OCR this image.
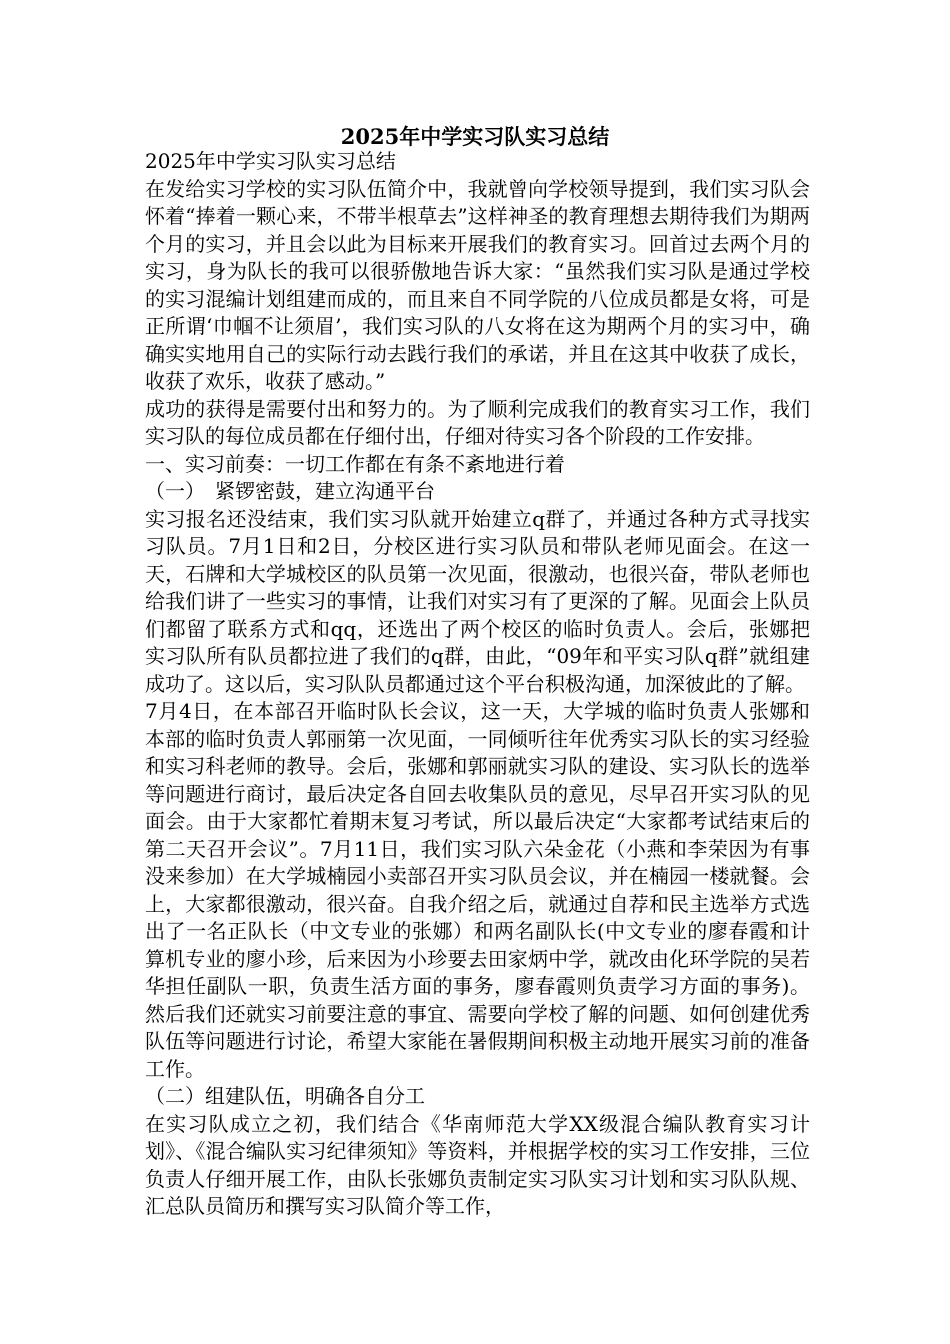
2025年中学实习队实习总结

2025年中学实习队实习总结

在发给实习学校的实习队伍简介中，我就曾向学校领导提到，我们实习队会怀着“捧着一颗心来，不带半根草去”这样神圣的教育理想去期待我们为期两个月的实习，并且会以此为目标来开展我们的教育实习。回首过去两个月的实习，身为队长的我可以很骄傲地告诉大家：“虽然我们实习队是通过学校的实习混编计划组建而成的，而且来自不同学院的八位成员都是女将，可是正所谓‘巾帼不让须眉’，我们实习队的八女将在这为期两个月的实习中，确确实实地用自己的实际行动去践行我们的承诺，并且在这其中收获了成长，收获了欢乐，收获了感动。”

成功的获得是需要付出和努力的。为了顺利完成我们的教育实习工作，我们实习队的每位成员都在仔细付出，仔细对待实习各个阶段的工作安排。

一、实习前奏：一切工作都在有条不紊地进行着

（一）　紧锣密鼓，建立沟通平台

实习报名还没结束，我们实习队就开始建立q群了，并通过各种方式寻找实习队员。7月1日和2日，分校区进行实习队员和带队老师见面会。在这一天，石牌和大学城校区的队员第一次见面，很激动，也很兴奋，带队老师也给我们讲了一些实习的事情，让我们对实习有了更深的了解。见面会上队员们都留了联系方式和qq，还选出了两个校区的临时负责人。会后，张娜把实习队所有队员都拉进了我们的q群，由此，“09年和平实习队q群”就组建成功了。这以后，实习队队员都通过这个平台积极沟通，加深彼此的了解。

7月4日，在本部召开临时队长会议，这一天，大学城的临时负责人张娜和本部的临时负责人郭丽第一次见面，一同倾听往年优秀实习队长的实习经验和实习科老师的教导。会后，张娜和郭丽就实习队的建设、实习队长的选举等问题进行商讨，最后决定各自回去收集队员的意见，尽早召开实习队的见面会。由于大家都忙着期末复习考试，所以最后决定“大家都考试结束后的第二天召开会议”。7月11日，我们实习队六朵金花（小燕和李荣因为有事没来参加）在大学城楠园小卖部召开实习队员会议，并在楠园一楼就餐。会上，大家都很激动，很兴奋。自我介绍之后，就通过自荐和民主选举方式选出了一名正队长（中文专业的张娜）和两名副队长(中文专业的廖春霞和计算机专业的廖小珍，后来因为小珍要去田家炳中学，就改由化环学院的吴若华担任副队一职，负责生活方面的事务，廖春霞则负责学习方面的事务)。然后我们还就实习前要注意的事宜、需要向学校了解的问题、如何创建优秀队伍等问题进行讨论，希望大家能在暑假期间积极主动地开展实习前的准备工作。

（二）组建队伍，明确各自分工

在实习队成立之初，我们结合《华南师范大学XX级混合编队教育实习计划》、《混合编队实习纪律须知》等资料，并根据学校的实习工作安排，三位负责人仔细开展工作，由队长张娜负责制定实习队实习计划和实习队队规、汇总队员简历和撰写实习队简介等工作，
